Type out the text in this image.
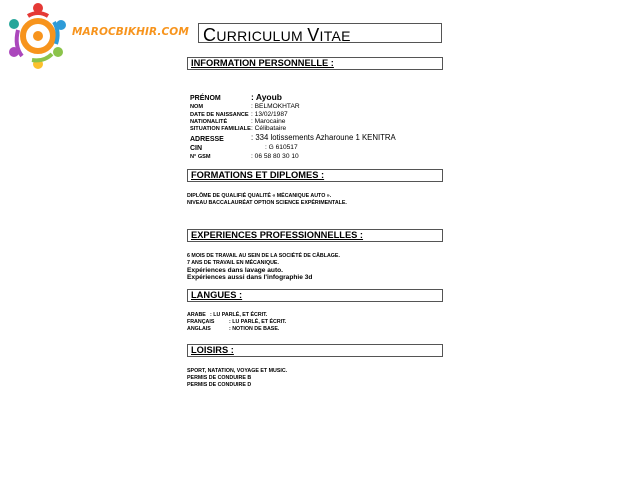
MAROCBIKHIR.COM CURRICULUM VITAE
INFORMATION PERSONNELLE :
PRÉNOM	: Ayoub
NOM	: BELMOKHTAR
DATE DE NAISSANCE : 13/02/1987
NATIONALITÉ	: Marocaine
SITUATION FAMILIALE : Célibataire
ADRESSE	: 334 lotissements Azharoune 1 KENITRA
CIN	: G 610517
N° GSM	: 06 58 80 30 10
FORMATIONS ET DIPLOMES :
DIPLÔME DE QUALIFIÉ QUALITÉ « MÉCANIQUE AUTO ».
NIVEAU BACCALAURÉAT OPTION SCIENCE EXPÉRIMENTALE.
EXPERIENCES PROFESSIONNELLES :
6 MOIS DE TRAVAIL AU SEIN DE LA SOCIÉTÉ DE CÂBLAGE.
7 ANS DE TRAVAIL EN MÉCANIQUE.
Expériences dans lavage auto.
Expériences aussi dans l'infographie 3d
LANGUES :
ARABE : LU PARLÉ, ET ÉCRIT.
FRANÇAIS	: LU PARLÉ, ET ÉCRIT.
ANGLAIS	: NOTION DE BASE.
LOISIRS :
SPORT, NATATION, VOYAGE ET MUSIC.
PERMIS DE CONDUIRE B
PERMIS DE CONDUIRE D
